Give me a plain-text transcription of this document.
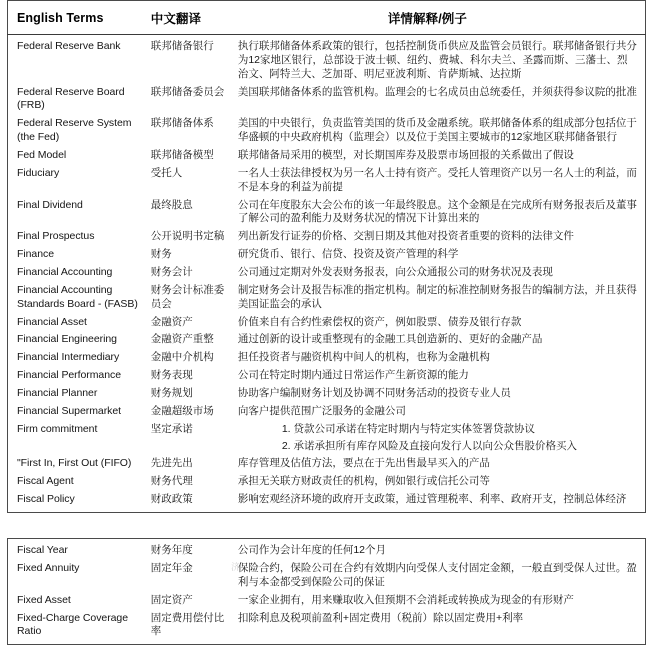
English Terms	中文翻译	详情解释/例子
Federal Reserve Bank	联邦储备银行	执行联邦储备体系政策的银行，包括控制货币供应及监管会员银行。联邦储备银行共分为12家地区银行，总部设于波士顿、纽约、费城、科尔夫兰、圣露而斯、三藩士、烈治文、阿特兰大、芝加哥、明尼亚波利斯、肯萨斯城、达拉斯
Federal Reserve Board (FRB)	联邦储备委员会	美国联邦储备体系的监管机构。监理会的七名成员由总统委任，并须获得参议院的批准
Federal Reserve System (the Fed)	联邦储备体系	美国的中央银行，负责监管美国的货币及金融系统。联邦储备体系的组成部分包括位于华盛顿的中央政府机构（监理会）以及位于美国主要城市的12家地区联邦储备银行
Fed Model	联邦储备模型	联邦储备局采用的模型，对长期国库券及股票市场回报的关系做出了假设
Fiduciary	受托人	一名人士获法律授权为另一名人士持有资产。受托人管理资产以另一名人士的利益，而不是本身的利益为前提
Final Dividend	最终股息	公司在年度股东大会公布的该一年最终股息。这个金额是在完成所有财务报表后及董事了解公司的盈利能力及财务状况的情况下计算出来的
Final Prospectus	公开说明书定稿	列出新发行证券的价格、交割日期及其他对投资者重要的资料的法律文件
Finance	财务	研究货币、银行、信贷、投资及资产管理的科学
Financial Accounting	财务会计	公司通过定期对外发表财务报表，向公众通报公司的财务状况及表现
Financial Accounting Standards Board - (FASB)	财务会计标准委员会	制定财务会计及报告标准的指定机构。制定的标准控制财务报告的编制方法，并且获得美国证监会的承认
Financial Asset	金融资产	价值来自有合约性索偿权的资产，例如股票、债券及银行存款
Financial Engineering	金融资产重整	通过创新的设计或重整现有的金融工具创造新的、更好的金融产品
Financial Intermediary	金融中介机构	担任投资者与融资机构中间人的机构，也称为金融机构
Financial Performance	财务表现	公司在特定时期内通过日常运作产生新资源的能力
Financial Planner	财务规划	协助客户编制财务计划及协调不同财务活动的投资专业人员
Financial Supermarket	金融超级市场	向客户提供范围广泛服务的金融公司
Firm commitment	坚定承诺	1. 贷款公司承诺在特定时期内与特定实体签署贷款协议
2. 承诺承担所有库存风险及直接向发行人以向公众售股价格买入

"First In, First Out (FIFO)	先进先出	库存管理及估值方法，要点在于先出售最早买入的产品
Fiscal Agent	财务代理	承担无关联方财政责任的机构，例如银行或信托公司等
Fiscal Policy	财政政策	影响宏观经济环境的政府开支政策，通过管理税率、利率、政府开支，控制总体经济
济
Fiscal Year	财务年度	公司作为会计年度的任何12个月
Fixed Annuity	固定年金	保险合约，保险公司在合约有效期内向受保人支付固定金额，一般直到受保人过世。盈利与本金都受到保险公司的保证
Fixed Asset	固定资产	一家企业拥有，用来赚取收入但预期不会消耗或转换成为现金的有形财产
Fixed-Charge Coverage Ratio	固定费用偿付比率	扣除利息及税项前盈利+固定费用（税前）除以固定费用+利率
